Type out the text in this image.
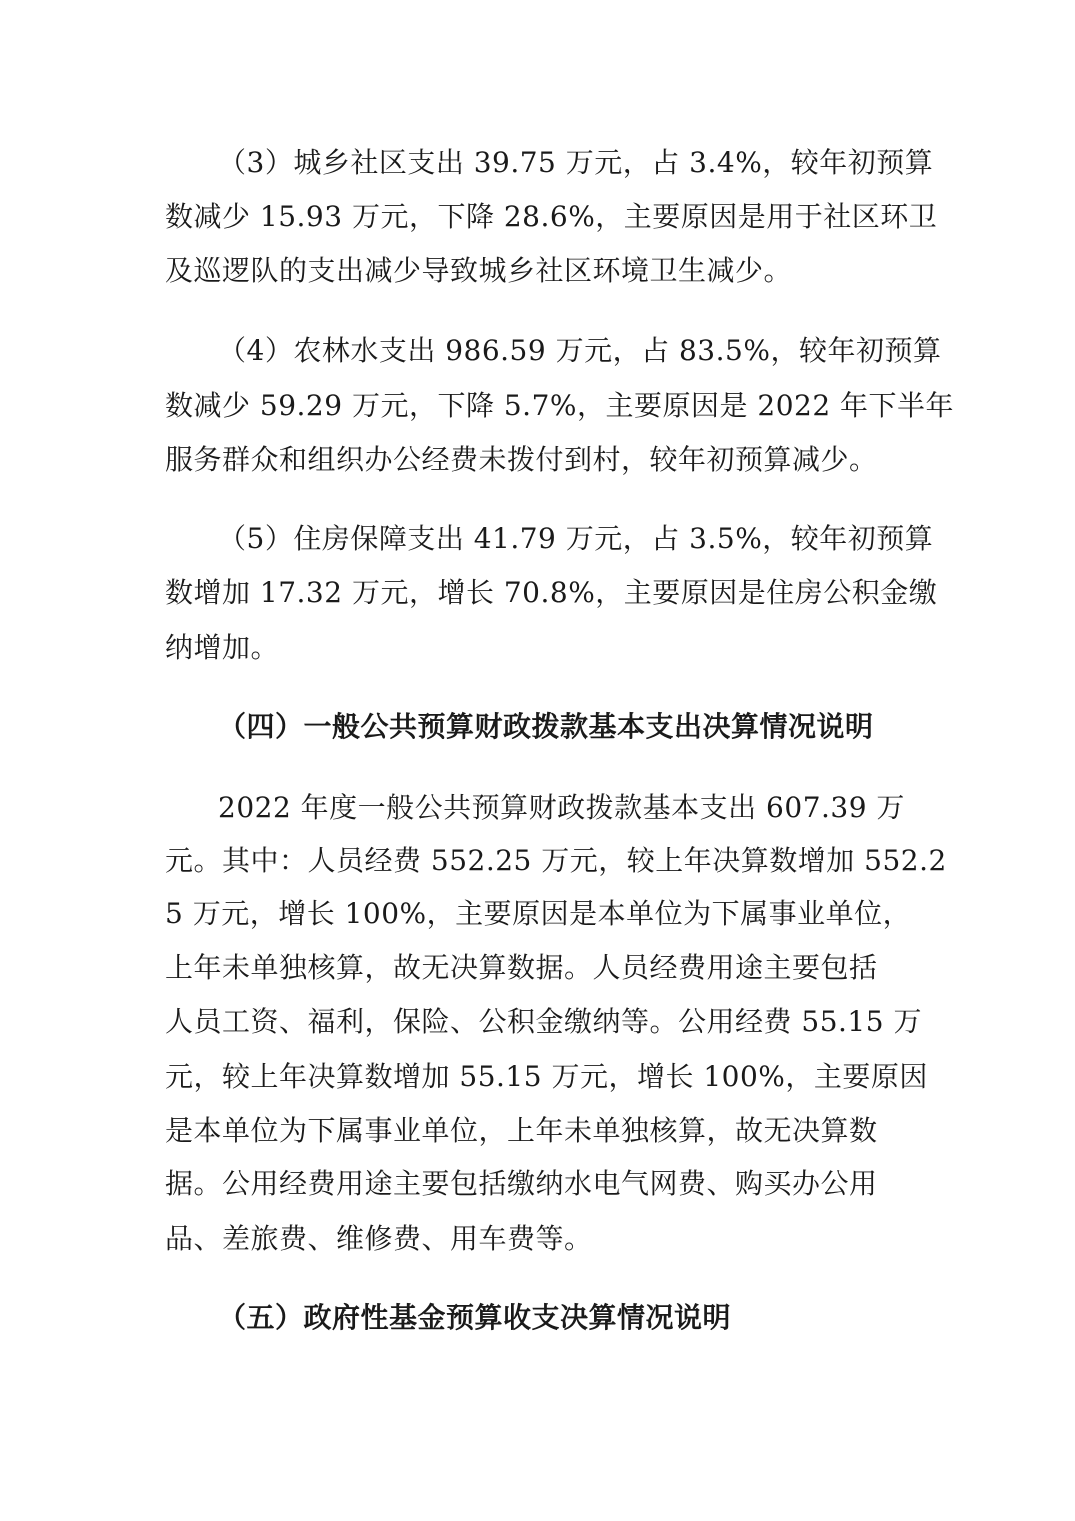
（3）城乡社区支出 39.75 万元，占 3.4%，较年初预算
数减少 15.93 万元，下降 28.6%，主要原因是用于社区环卫
及巡逻队的支出减少导致城乡社区环境卫生减少。
（4）农林水支出 986.59 万元，占 83.5%，较年初预算
数减少 59.29 万元，下降 5.7%，主要原因是 2022 年下半年
服务群众和组织办公经费未拨付到村，较年初预算减少。
（5）住房保障支出 41.79 万元，占 3.5%，较年初预算
数增加 17.32 万元，增长 70.8%，主要原因是住房公积金缴
纳增加。
（四）一般公共预算财政拨款基本支出决算情况说明
2022 年度一般公共预算财政拨款基本支出 607.39 万
元。其中：人员经费 552.25 万元，较上年决算数增加 552.2
5 万元，增长 100%，主要原因是本单位为下属事业单位，
上年未单独核算，故无决算数据。人员经费用途主要包括
人员工资、福利，保险、公积金缴纳等。公用经费 55.15 万
元，较上年决算数增加 55.15 万元，增长 100%，主要原因
是本单位为下属事业单位，上年未单独核算，故无决算数
据。公用经费用途主要包括缴纳水电气网费、购买办公用
品、差旅费、维修费、用车费等。
（五）政府性基金预算收支决算情况说明
